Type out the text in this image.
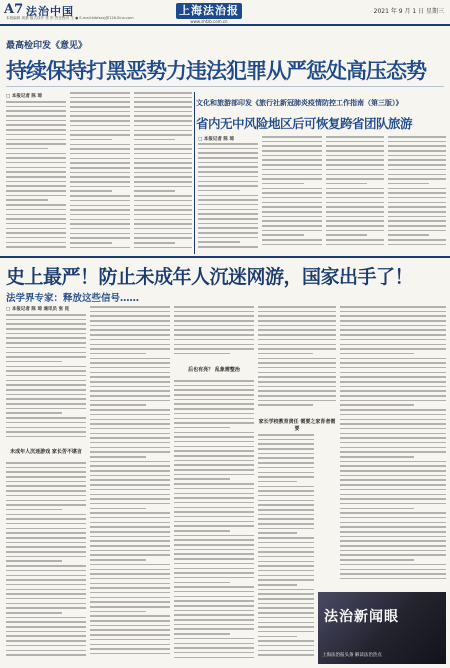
A7 法治中国
本版编辑 周新 版式设计 张 彤 责任校对 王 ● E-mail:fzbfzzxj@126.Sina.com
上海法治报
www.shfzb.com.cn
2021 年 9 月 1 日 星期三
最高检印发《意见》
持续保持打黑恶势力违法犯罪从严惩处高压态势
□ 本报记者 陈 琼
文化和旅游部印发《旅行社新冠肺炎疫情防控工作指南（第三版）》
省内无中风险地区后可恢复跨省团队旅游
□ 本报记者 陈 琼
史上最严！防止未成年人沉迷网游，国家出手了！
法学界专家：释放这些信号……
□ 本报记者 陈 琼 通讯员 张 昆
未成年人沉迷游戏 家长苦不堪言
后也有亮？ 乱象需整治
家长学校教育责任 需要之家育者需要
法治新闻眼
上海法治报头条 解读法治热点
